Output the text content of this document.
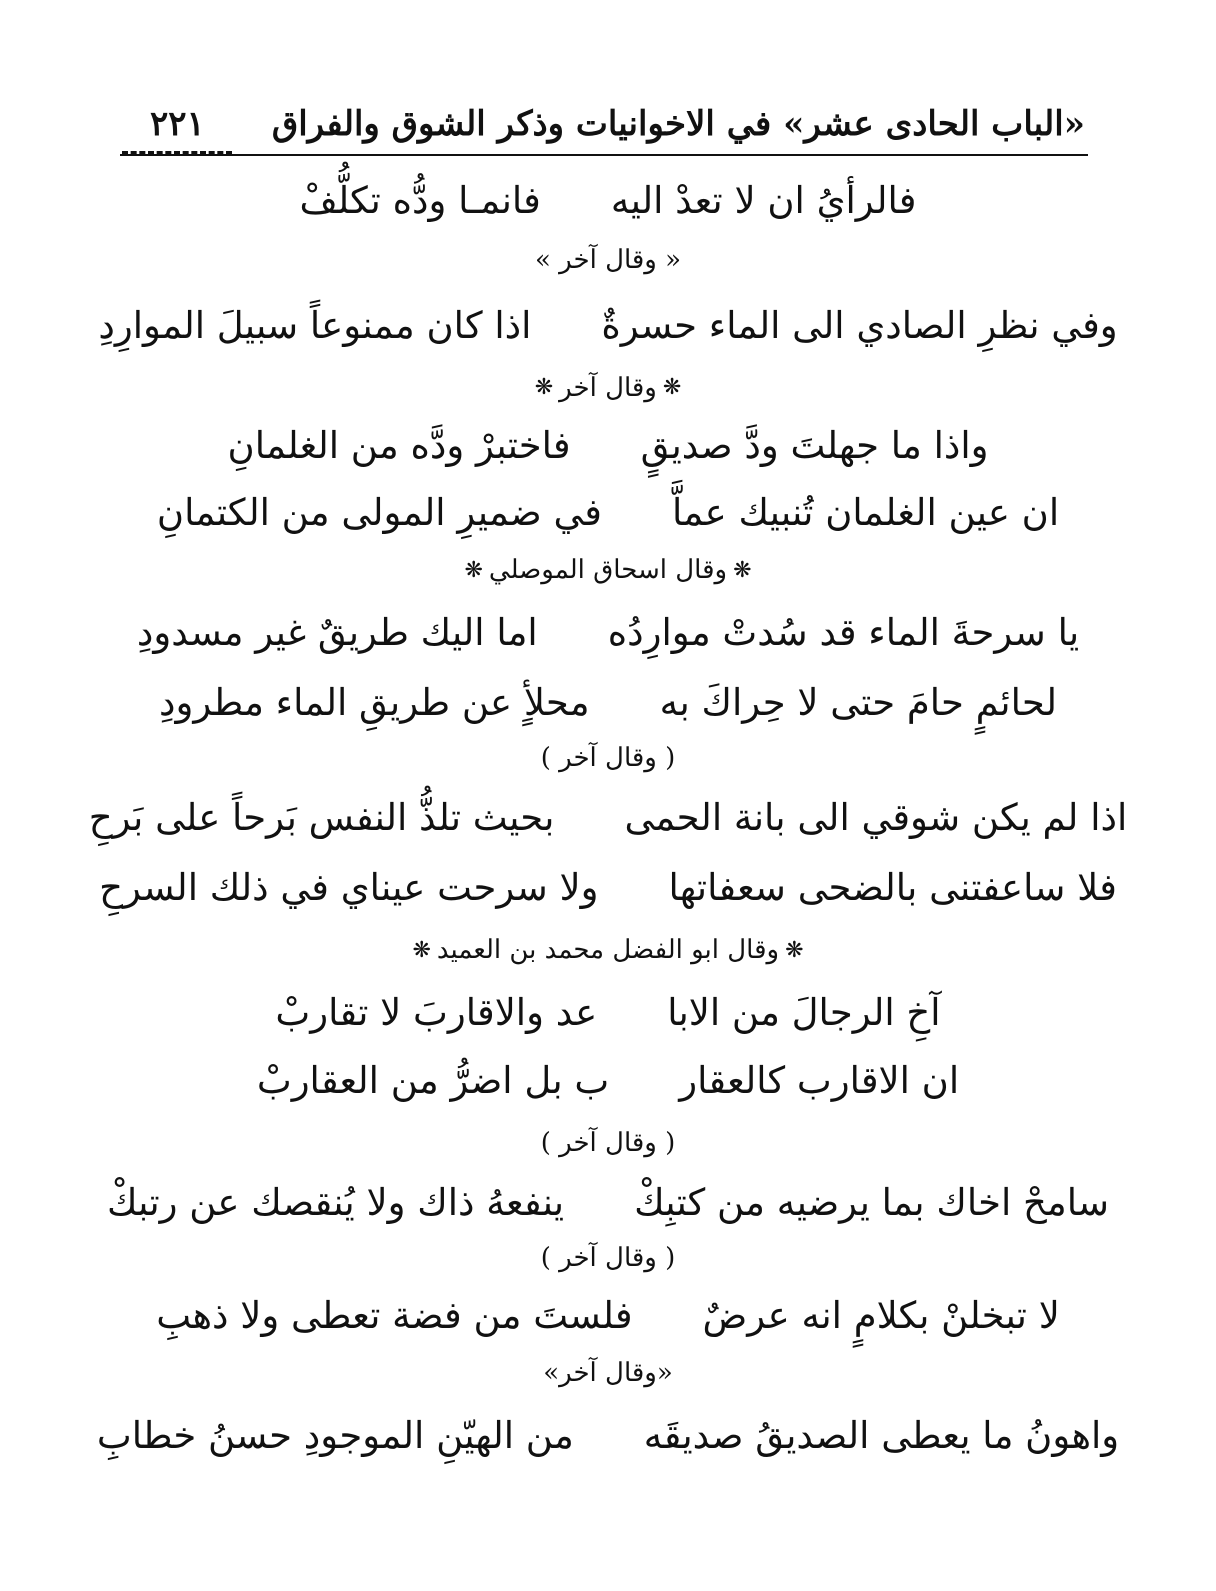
«الباب الحادى عشر» في الاخوانيات وذكر الشوق والفراق
٢٢١
فالرأيُ ان لا تعدْ اليه
فانمـا ودُّه تكلُّفْ
« وقال آخر »
وفي نظرِ الصادي الى الماء حسرةٌ
اذا كان ممنوعاً سبيلَ الموارِدِ
❋
وقال آخر
❋
واذا ما جهلتَ ودَّ صديقٍ
فاختبرْ ودَّه من الغلمانِ
ان عين الغلمان تُنبيك عماَّ
في ضميرِ المولى من الكتمانِ
❋
وقال اسحاق الموصلي
❋
يا سرحةَ الماء قد سُدتْ موارِدُه
اما اليك طريقٌ غير مسدودِ
لحائمٍ حامَ حتى لا حِراكَ به
محلأٍ عن طريقِ الماء مطرودِ
( وقال آخر )
اذا لم يكن شوقي الى بانة الحمى
بحيث تلذُّ النفس بَرحاً على بَرحِ
فلا ساعفتنى بالضحى سعفاتها
ولا سرحت عيناي في ذلك السرحِ
❋
وقال ابو الفضل محمد بن العميد
❋
آخِ الرجالَ من الابا
عد والاقاربَ لا تقاربْ
ان الاقارب كالعقار
ب بل اضرُّ من العقاربْ
( وقال آخر )
سامحْ اخاك بما يرضيه من كتبِكْ
ينفعهُ ذاك ولا يُنقصك عن رتبكْ
( وقال آخر )
لا تبخلنْ بكلامٍ انه عرضٌ
فلستَ من فضة تعطى ولا ذهبِ
«وقال آخر»
واهونُ ما يعطى الصديقُ صديقَه
من الهيّنِ الموجودِ حسنُ خطابِ
